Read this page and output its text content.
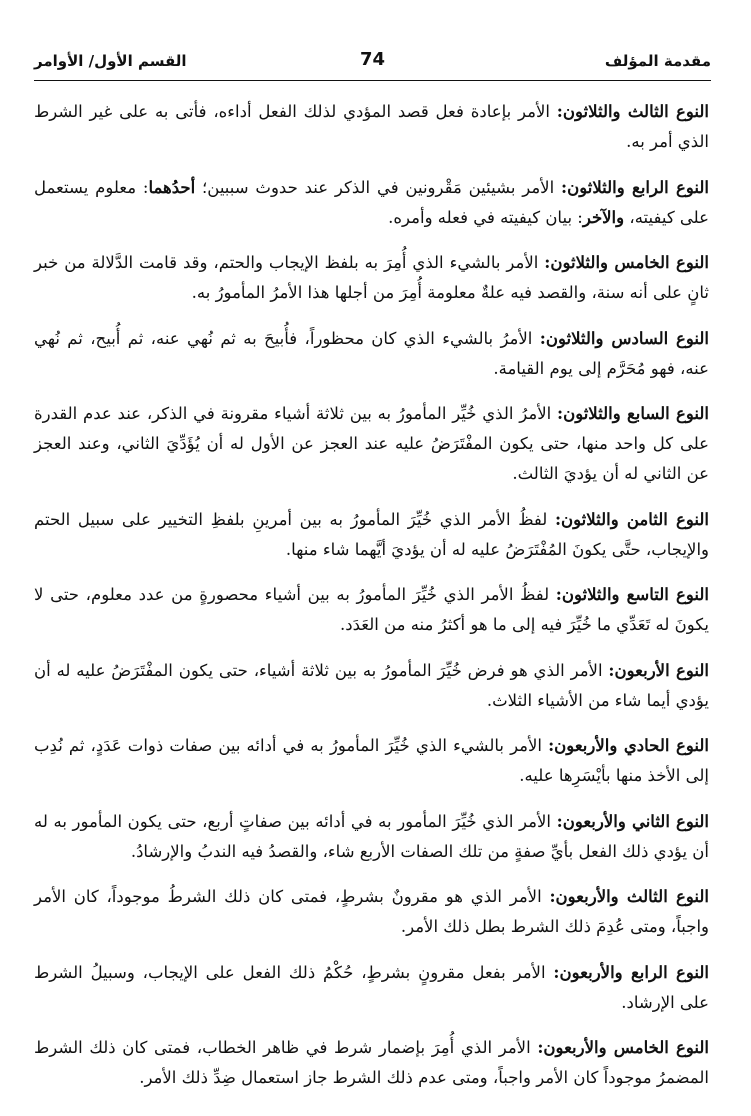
مقدمة المؤلف
74
القسم الأول/ الأوامر

النوع الثالث والثلاثون: الأمر بإعادة فعل قصد المؤدي لذلك الفعل أداءه، فأتى به على غير الشرط الذي أمر به.

النوع الرابع والثلاثون: الأمر بشيئين مَقْرونين في الذكر عند حدوث سببين؛ أحدُهما: معلوم يستعمل على كيفيته، والآخر: بيان كيفيته في فعله وأمره.

النوع الخامس والثلاثون: الأمر بالشيء الذي أُمِرَ به بلفظ الإيجاب والحتم، وقد قامت الدَّلالة من خبر ثانٍ على أنه سنة، والقصد فيه علةٌ معلومة أُمِرَ من أجلها هذا الأمرُ المأمورُ به.

النوع السادس والثلاثون: الأمرُ بالشيء الذي كان محظوراً، فأُبيحَ به ثم نُهي عنه، ثم أُبيح، ثم نُهي عنه، فهو مُحَرَّم إلى يوم القيامة.

النوع السابع والثلاثون: الأمرُ الذي خُيِّر المأمورُ به بين ثلاثة أشياء مقرونة في الذكر، عند عدم القدرة على كل واحد منها، حتى يكون المفْتَرَضُ عليه عند العجز عن الأول له أن يُؤَدِّيَ الثاني، وعند العجز عن الثاني له أن يؤديَ الثالث.

النوع الثامن والثلاثون: لفظُ الأمر الذي خُيِّرَ المأمورُ به بين أمرينِ بلفظِ التخيير على سبيل الحتم والإيجاب، حتَّى يكونَ المُفْتَرَضُ عليه له أن يؤديَ أيَّهما شاء منها.

النوع التاسع والثلاثون: لفظُ الأمر الذي خُيِّرَ المأمورُ به بين أشياء محصورةٍ من عدد معلوم، حتى لا يكونَ له تَعَدِّي ما خُيِّرَ فيه إلى ما هو أكثرُ منه من العَدَد.

النوع الأربعون: الأمر الذي هو فرض خُيِّرَ المأمورُ به بين ثلاثة أشياء، حتى يكون المفْتَرَضُ عليه له أن يؤدي أيما شاء من الأشياء الثلاث.

النوع الحادي والأربعون: الأمر بالشيء الذي خُيِّرَ المأمورُ به في أدائه بين صفات ذوات عَدَدٍ، ثم نُدِب إلى الأخذ منها بأيْسَرِها عليه.

النوع الثاني والأربعون: الأمر الذي خُيِّرَ المأمور به في أدائه بين صفاتٍ أربع، حتى يكون المأمور به له أن يؤدي ذلك الفعل بأيِّ صفةٍ من تلك الصفات الأربع شاء، والقصدُ فيه الندبُ والإرشادُ.

النوع الثالث والأربعون: الأمر الذي هو مقرونٌ بشرطٍ، فمتى كان ذلك الشرطُ موجوداً، كان الأمر واجباً، ومتى عُدِمَ ذلك الشرط بطل ذلك الأمر.

النوع الرابع والأربعون: الأمر بفعل مقرونٍ بشرطٍ، حُكْمُ ذلك الفعل على الإيجاب، وسبيلُ الشرط على الإرشاد.

النوع الخامس والأربعون: الأمر الذي أُمِرَ بإضمار شرط في ظاهر الخطاب، فمتى كان ذلك الشرط المضمرُ موجوداً كان الأمر واجباً، ومتى عدم ذلك الشرط جاز استعمال ضِدِّ ذلك الأمر.
